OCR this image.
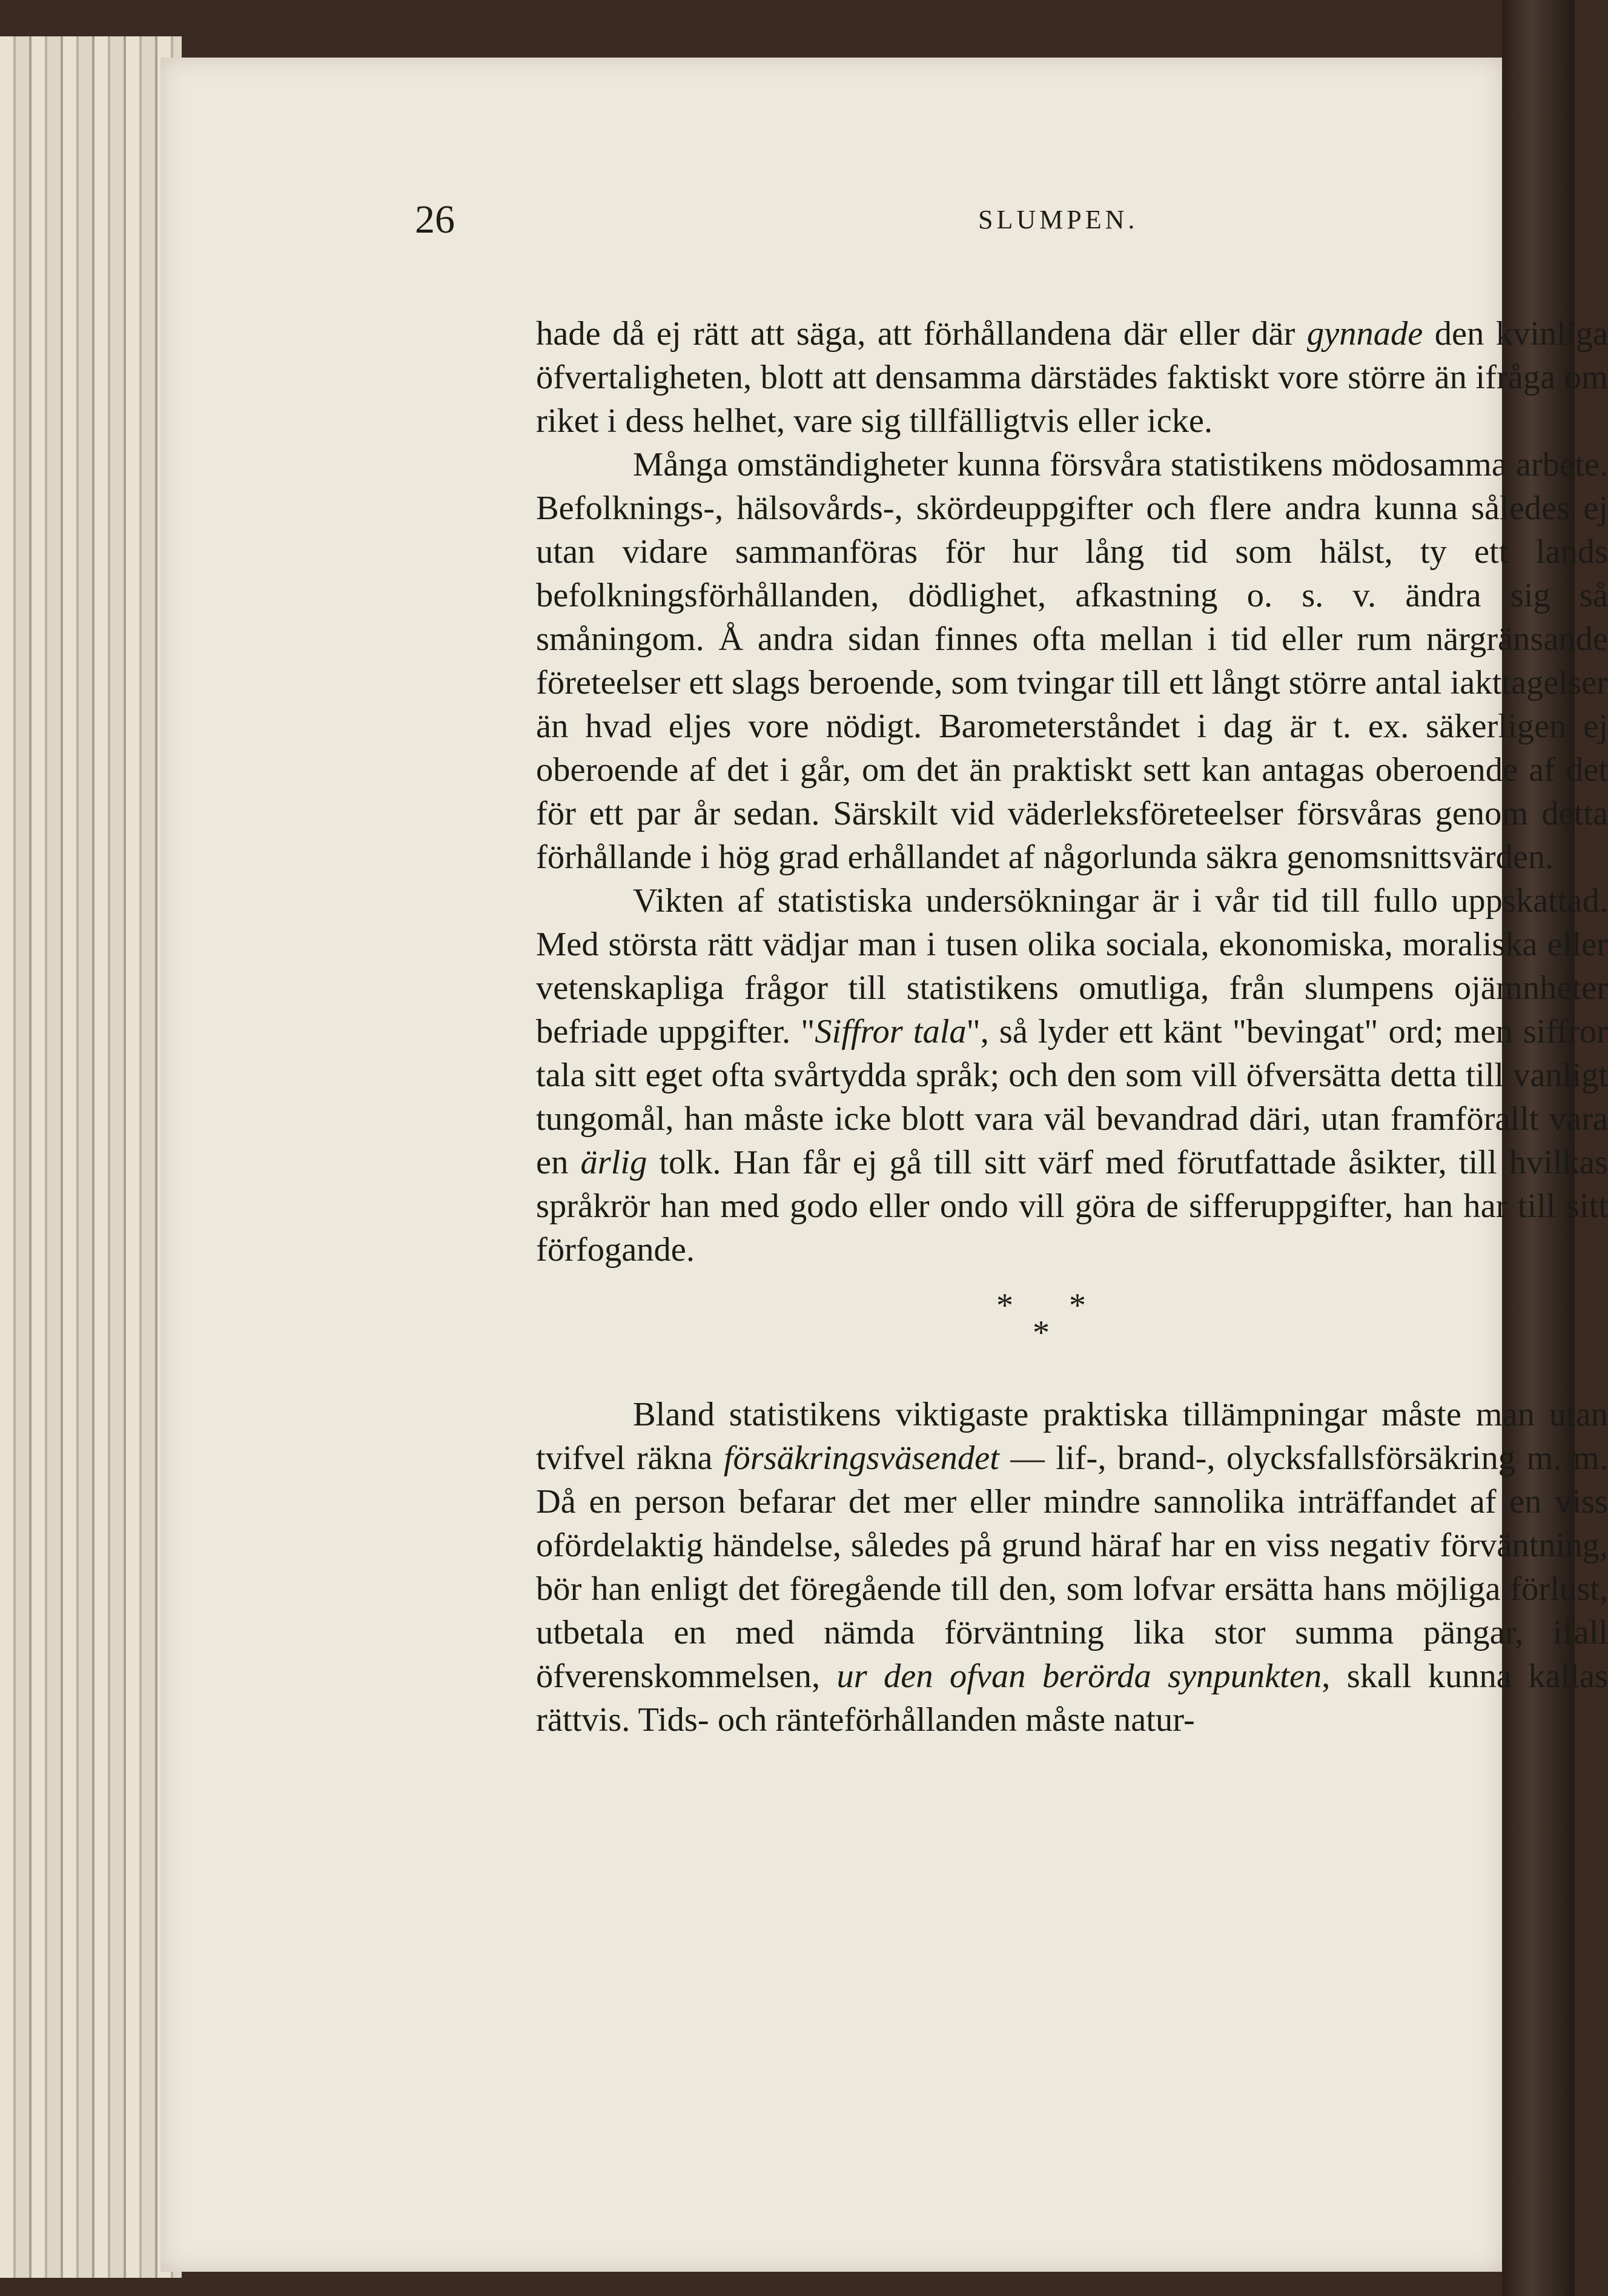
26	SLUMPEN.

hade då ej rätt att säga, att förhållandena där eller där gynnade den kvinliga öfvertaligheten, blott att densamma därstädes faktiskt vore större än ifråga om riket i dess helhet, vare sig tillfälligtvis eller icke.

Många omständigheter kunna försvåra statistikens mödosamma arbete. Befolknings-, hälsovårds-, skördeuppgifter och flere andra kunna således ej utan vidare sammanföras för hur lång tid som hälst, ty ett lands befolkningsförhållanden, dödlighet, afkastning o. s. v. ändra sig så småningom. Å andra sidan finnes ofta mellan i tid eller rum närgränsande företeelser ett slags beroende, som tvingar till ett långt större antal iakttagelser än hvad eljes vore nödigt. Barometerståndet i dag är t. ex. säkerligen ej oberoende af det i går, om det än praktiskt sett kan antagas oberoende af det för ett par år sedan. Särskilt vid väderleksföreteelser försvåras genom detta förhållande i hög grad erhållandet af någorlunda säkra genomsnittsvärden.

Vikten af statistiska undersökningar är i vår tid till fullo uppskattad. Med största rätt vädjar man i tusen olika sociala, ekonomiska, moraliska eller vetenskapliga frågor till statistikens omutliga, från slumpens ojämnheter befriade uppgifter. "Siffror tala", så lyder ett känt "bevingat" ord; men siffror tala sitt eget ofta svårtydda språk; och den som vill öfversätta detta till vanligt tungomål, han måste icke blott vara väl bevandrad däri, utan framförallt vara en ärlig tolk. Han får ej gå till sitt värf med förutfattade åsikter, till hvilkas språkrör han med godo eller ondo vill göra de sifferuppgifter, han har till sitt förfogande.

*
*
*

Bland statistikens viktigaste praktiska tillämpningar måste man utan tvifvel räkna försäkringsväsendet — lif-, brand-, olycksfallsförsäkring m. m. Då en person befarar det mer eller mindre sannolika inträffandet af en viss ofördelaktig händelse, således på grund häraf har en viss negativ förväntning, bör han enligt det föregående till den, som lofvar ersätta hans möjliga förlust, utbetala en med nämda förväntning lika stor summa pängar, ifall öfverenskommelsen, ur den ofvan berörda synpunkten, skall kunna kallas rättvis. Tids- och ränteförhållanden måste natur-
